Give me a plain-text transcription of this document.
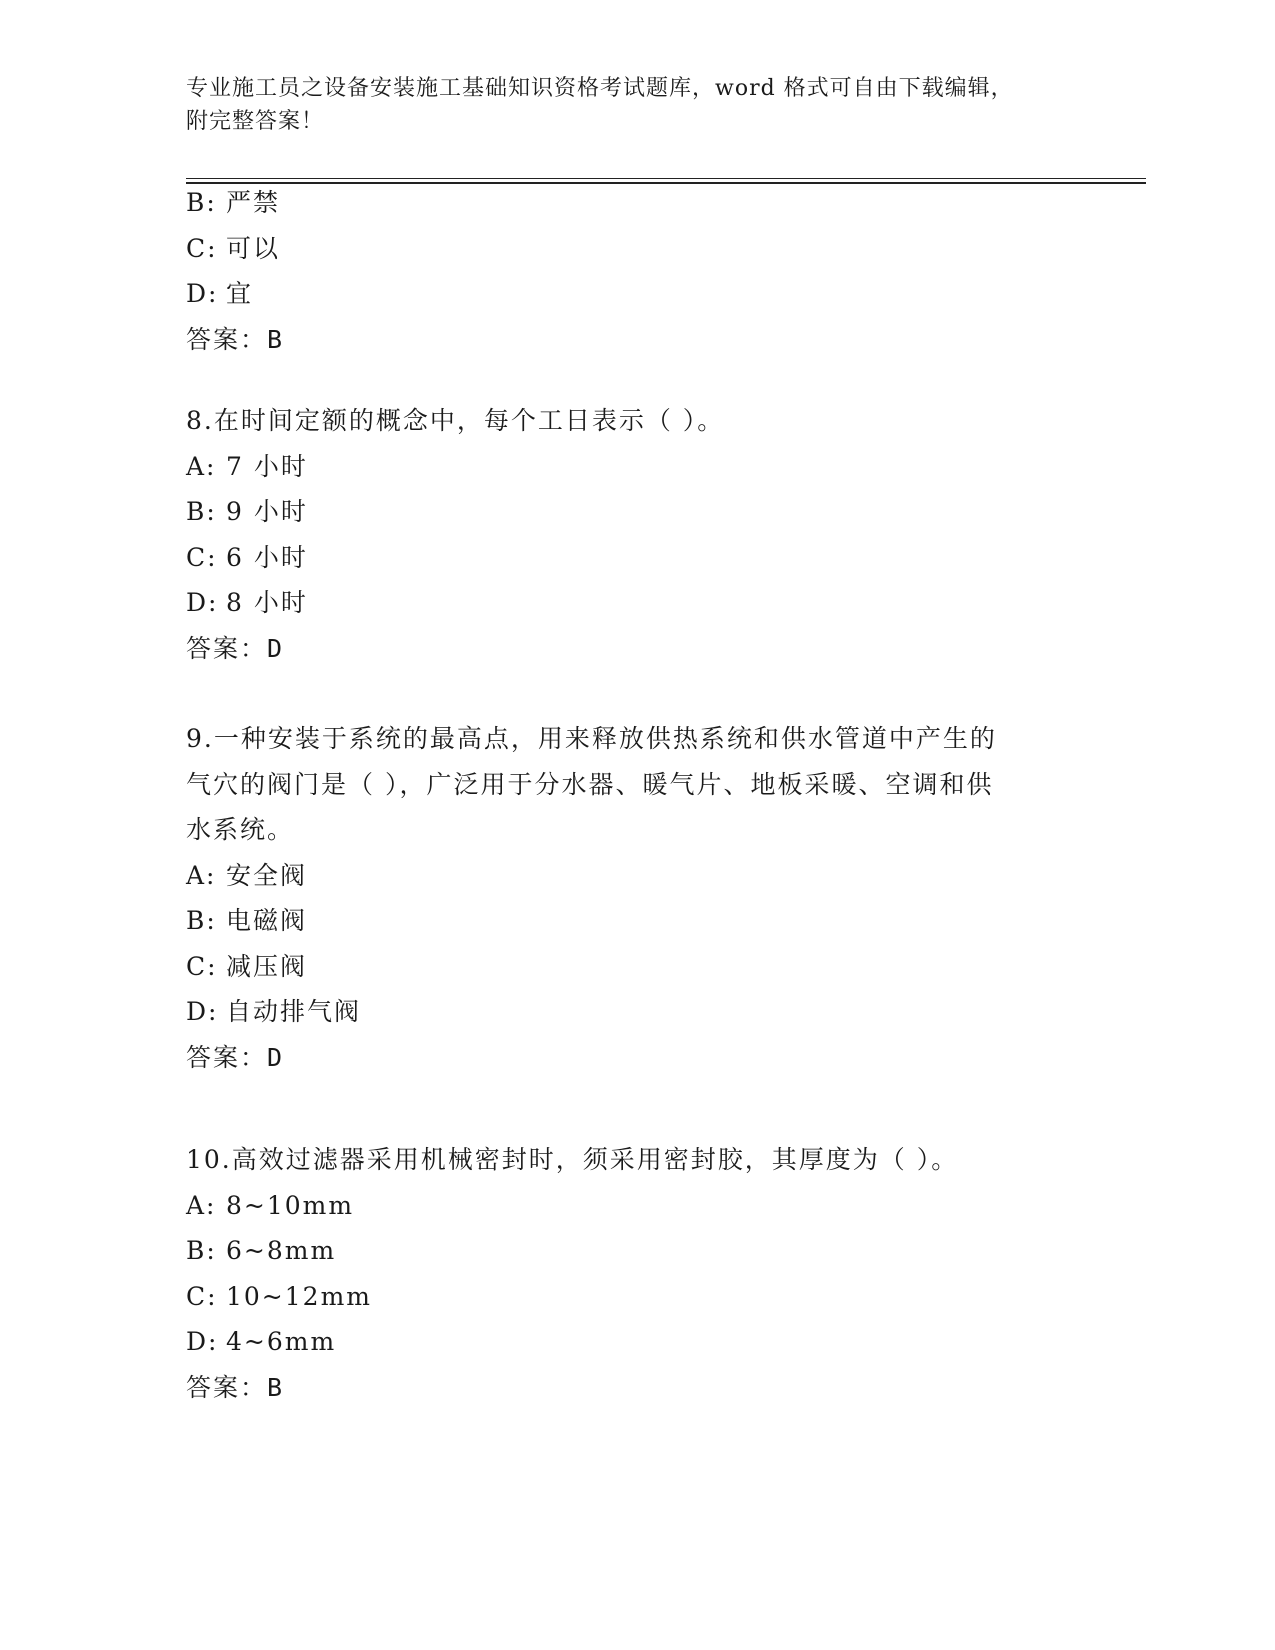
专业施工员之设备安装施工基础知识资格考试题库，word 格式可自由下载编辑，
附完整答案！
B: 严禁
C: 可以
D: 宜
答案：B
8.在时间定额的概念中，每个工日表示（ ）。
A: 7 小时
B: 9 小时
C: 6 小时
D: 8 小时
答案：D
9.一种安装于系统的最高点，用来释放供热系统和供水管道中产生的
气穴的阀门是（ ），广泛用于分水器、暖气片、地板采暖、空调和供
水系统。
A: 安全阀
B: 电磁阀
C: 减压阀
D: 自动排气阀
答案：D
10.高效过滤器采用机械密封时，须采用密封胶，其厚度为（ ）。
A: 8~10mm
B: 6~8mm
C: 10~12mm
D: 4~6mm
答案：B
